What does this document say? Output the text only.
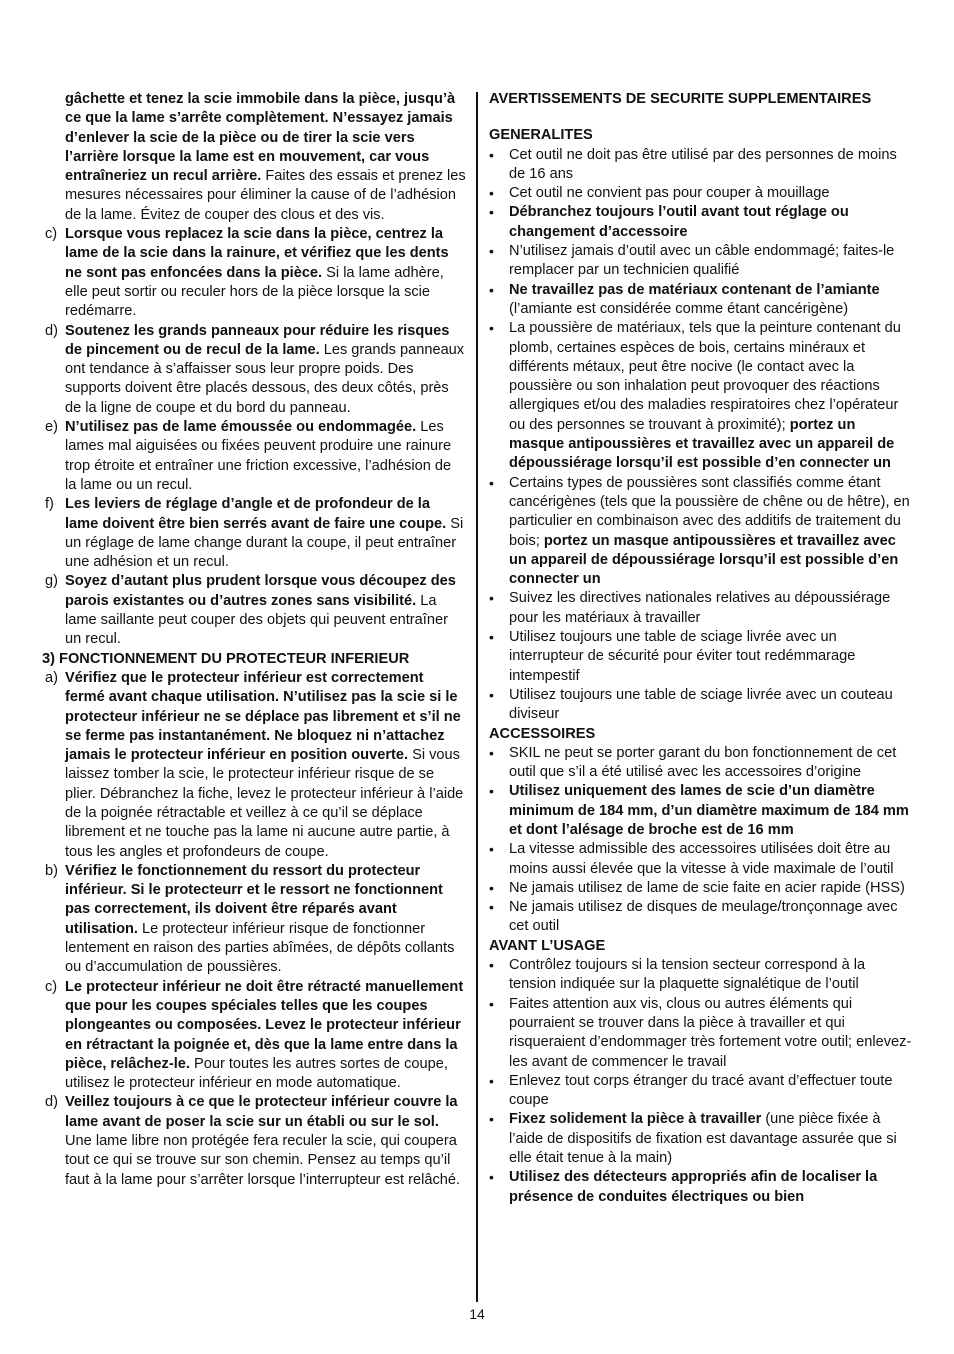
gâchette et tenez la scie immobile dans la pièce, jusqu’à ce que la lame s’arrête complètement. N’essayez jamais d’enlever la scie de la pièce ou de tirer la scie vers l’arrière lorsque la lame est en mouvement, car vous entraîneriez un recul arrière. Faites des essais et prenez les mesures nécessaires pour éliminer la cause of de l’adhésion de la lame. Évitez de couper des clous et des vis.

c) Lorsque vous replacez la scie dans la pièce, centrez la lame de la scie dans la rainure, et vérifiez que les dents ne sont pas enfoncées dans la pièce. Si la lame adhère, elle peut sortir ou reculer hors de la pièce lorsque la scie redémarre.

d) Soutenez les grands panneaux pour réduire les risques de pincement ou de recul de la lame. Les grands panneaux ont tendance à s’affaisser sous leur propre poids. Des supports doivent être placés dessous, des deux côtés, près de la ligne de coupe et du bord du panneau.

e) N’utilisez pas de lame émoussée ou endommagée. Les lames mal aiguisées ou fixées peuvent produire une rainure trop étroite et entraîner une friction excessive, l’adhésion de la lame ou un recul.

f) Les leviers de réglage d’angle et de profondeur de la lame doivent être bien serrés avant de faire une coupe. Si un réglage de lame change durant la coupe, il peut entraîner une adhésion et un recul.

g) Soyez d’autant plus prudent lorsque vous découpez des parois existantes ou d’autres zones sans visibilité. La lame saillante peut couper des objets qui peuvent entraîner un recul.

3) FONCTIONNEMENT DU PROTECTEUR INFERIEUR

a) Vérifiez que le protecteur inférieur est correctement fermé avant chaque utilisation. N’utilisez pas la scie si le protecteur inférieur ne se déplace pas librement et s’il ne se ferme pas instantanément. Ne bloquez ni n’attachez jamais le protecteur inférieur en position ouverte. Si vous laissez tomber la scie, le protecteur inférieur risque de se plier. Débranchez la fiche, levez le protecteur inférieur à l’aide de la poignée rétractable et veillez à ce qu’il se déplace librement et ne touche pas la lame ni aucune autre partie, à tous les angles et profondeurs de coupe.

b) Vérifiez le fonctionnement du ressort du protecteur inférieur. Si le protecteurr et le ressort ne fonctionnent pas correctement, ils doivent être réparés avant utilisation. Le protecteur inférieur risque de fonctionner lentement en raison des parties abîmées, de dépôts collants ou d’accumulation de poussières.

c) Le protecteur inférieur ne doit être rétracté manuellement que pour les coupes spéciales telles que les coupes plongeantes ou composées. Levez le protecteur inférieur en rétractant la poignée et, dès que la lame entre dans la pièce, relâchez-le. Pour toutes les autres sortes de coupe, utilisez le protecteur inférieur en mode automatique.

d) Veillez toujours à ce que le protecteur inférieur couvre la lame avant de poser la scie sur un établi ou sur le sol. Une lame libre non protégée fera reculer la scie, qui coupera tout ce qui se trouve sur son chemin. Pensez au temps qu’il faut à la lame pour s’arrêter lorsque l’interrupteur est relâché.

AVERTISSEMENTS DE SECURITE SUPPLEMENTAIRES

GENERALITES

• Cet outil ne doit pas être utilisé par des personnes de moins de 16 ans

• Cet outil ne convient pas pour couper à mouillage

• Débranchez toujours l’outil avant tout réglage ou changement d’accessoire

• N’utilisez jamais d’outil avec un câble endommagé; faites-le remplacer par un technicien qualifié

• Ne travaillez pas de matériaux contenant de l’amiante (l’amiante est considérée comme étant cancérigène)

• La poussière de matériaux, tels que la peinture contenant du plomb, certaines espèces de bois, certains minéraux et différents métaux, peut être nocive (le contact avec la poussière ou son inhalation peut provoquer des réactions allergiques et/ou des maladies respiratoires chez l’opérateur ou des personnes se trouvant à proximité); portez un masque antipoussières et travaillez avec un appareil de dépoussiérage lorsqu’il est possible d’en connecter un

• Certains types de poussières sont classifiés comme étant cancérigènes (tels que la poussière de chêne ou de hêtre), en particulier en combinaison avec des additifs de traitement du bois; portez un masque antipoussières et travaillez avec un appareil de dépoussiérage lorsqu’il est possible d’en connecter un

• Suivez les directives nationales relatives au dépoussiérage pour les matériaux à travailler

• Utilisez toujours une table de sciage livrée avec un interrupteur de sécurité pour éviter tout redémmarage intempestif

• Utilisez toujours une table de sciage livrée avec un couteau diviseur

ACCESSOIRES

• SKIL ne peut se porter garant du bon fonctionnement de cet outil que s’il a été utilisé avec les accessoires d’origine

• Utilisez uniquement des lames de scie d’un diamètre minimum de 184 mm, d’un diamètre maximum de 184 mm et dont l’alésage de broche est de 16 mm

• La vitesse admissible des accessoires utilisées doit être au moins aussi élevée que la vitesse à vide maximale de l’outil

• Ne jamais utilisez de lame de scie faite en acier rapide (HSS)

• Ne jamais utilisez de disques de meulage/tronçonnage avec cet outil

AVANT L’USAGE

• Contrôlez toujours si la tension secteur correspond à la tension indiquée sur la plaquette signalétique de l’outil

• Faites attention aux vis, clous ou autres éléments qui pourraient se trouver dans la pièce à travailler et qui risqueraient d’endommager très fortement votre outil; enlevez-les avant de commencer le travail

• Enlevez tout corps étranger du tracé avant d’effectuer toute coupe

• Fixez solidement la pièce à travailler (une pièce fixée à l’aide de dispositifs de fixation est davantage assurée que si elle était tenue à la main)

• Utilisez des détecteurs appropriés afin de localiser la présence de conduites électriques ou bien

14
